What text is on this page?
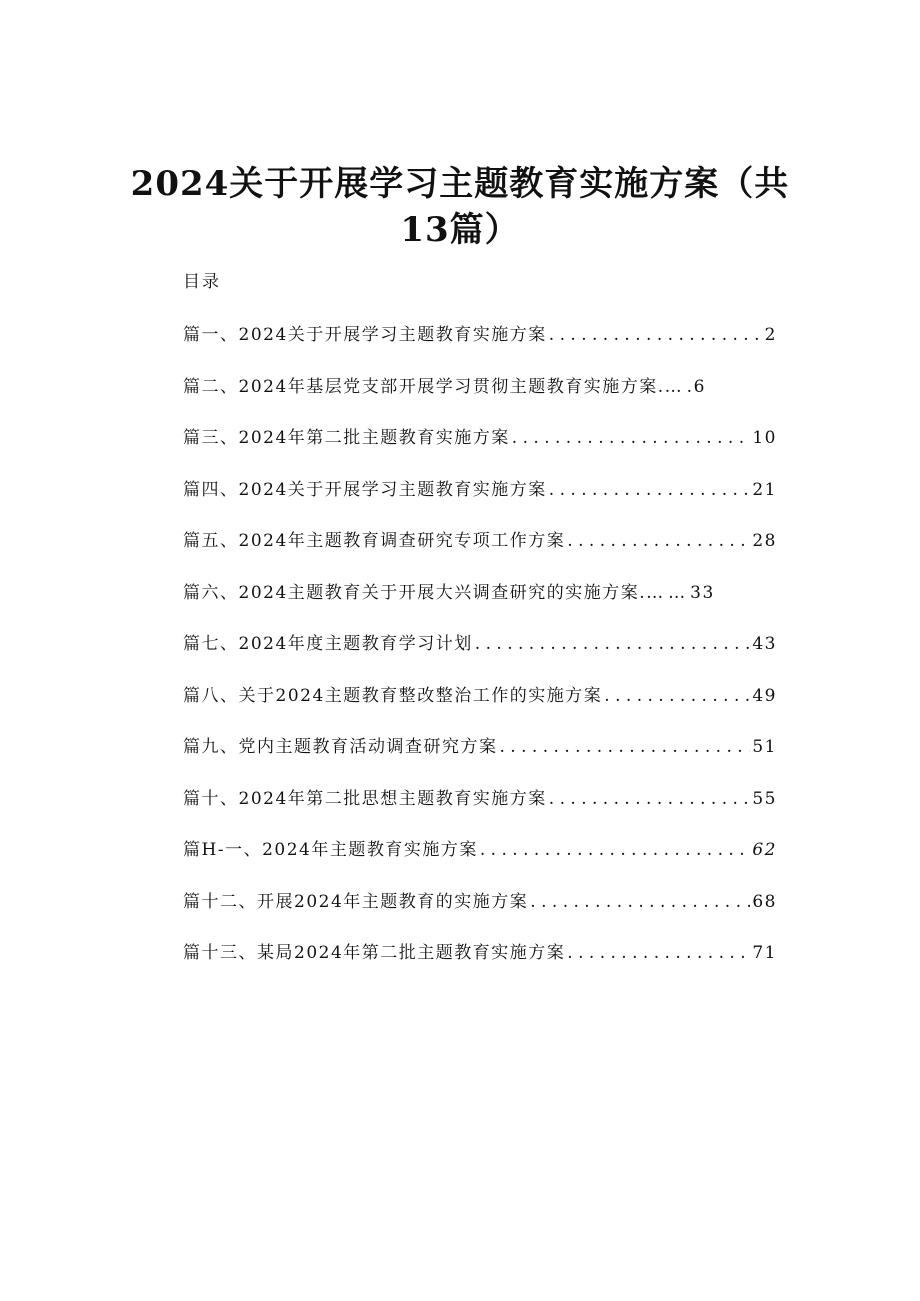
2024关于开展学习主题教育实施方案（共
13篇）
目录
篇一、2024关于开展学习主题教育实施方案 . . .	2
篇二、2024年基层党支部开展学习贯彻主题教育实施方案. … .6
篇三、2024年第二批主题教育实施方案 . . .	10
篇四、2024关于开展学习主题教育实施方案 . . .	21
篇五、2024年主题教育调查研究专项工作方案 . . .	28
篇六、2024主题教育关于开展大兴调查研究的实施方案. …… 33
篇七、2024年度主题教育学习计划 . . .	43
篇八、关于2024主题教育整改整治工作的实施方案 . . .	49
篇九、党内主题教育活动调查研究方案 . . .	51
篇十、2024年第二批思想主题教育实施方案 . . .	55
篇H-一、2024年主题教育实施方案 . . .	62
篇十二、开展2024年主题教育的实施方案 . . .	68
篇十三、某局2024年第二批主题教育实施方案 . . .	71
